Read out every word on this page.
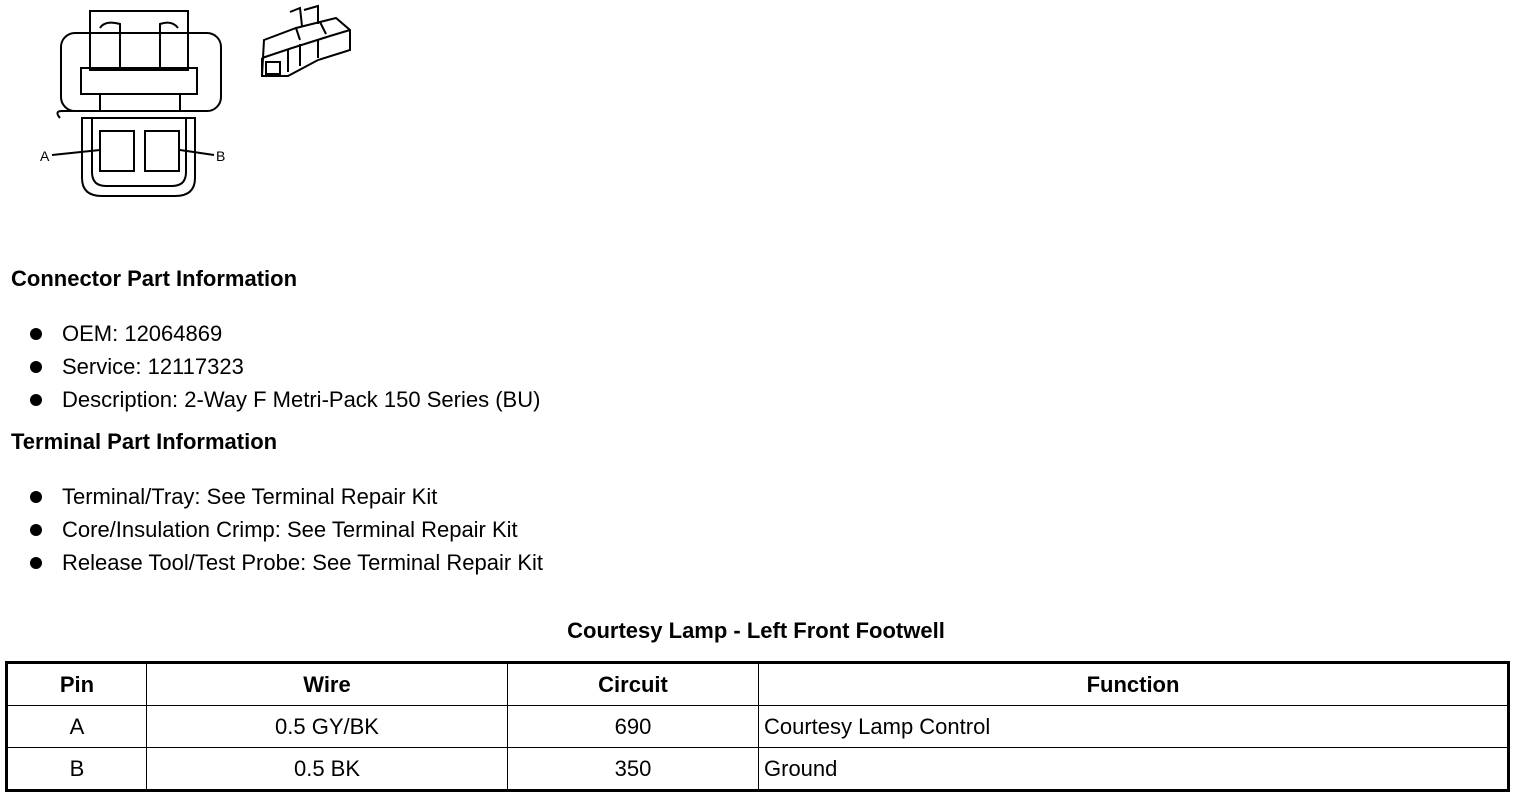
A	B
Connector Part Information
OEM: 12064869
Service: 12117323
Description: 2-Way F Metri-Pack 150 Series (BU)
Terminal Part Information
Terminal/Tray: See Terminal Repair Kit
Core/Insulation Crimp: See Terminal Repair Kit
Release Tool/Test Probe: See Terminal Repair Kit
Courtesy Lamp - Left Front Footwell
Pin	Wire	Circuit	Function
A	0.5 GY/BK	690	Courtesy Lamp Control
B	0.5 BK	350	Ground
